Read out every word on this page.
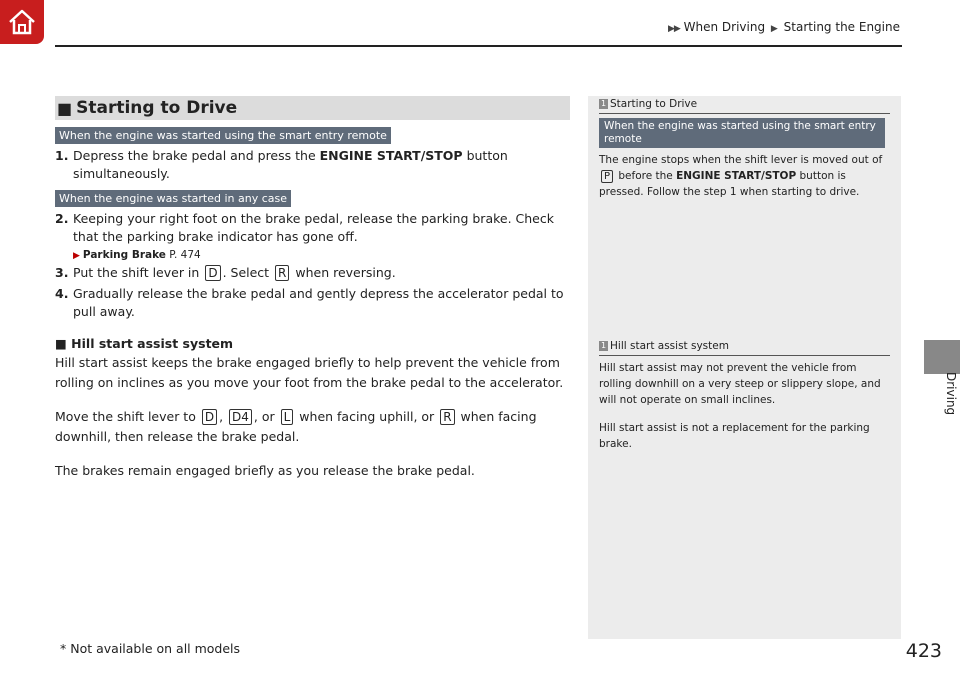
▶▶ When Driving ▶ Starting the Engine
Driving
■ Starting to Drive
When the engine was started using the smart entry remote
1. Depress the brake pedal and press the ENGINE START/STOP button simultaneously.
When the engine was started in any case
2. Keeping your right foot on the brake pedal, release the parking brake. Check that the parking brake indicator has gone off.
▶ Parking Brake P. 474
3. Put the shift lever in D . Select R when reversing.
4. Gradually release the brake pedal and gently depress the accelerator pedal to pull away.
■ Hill start assist system
Hill start assist keeps the brake engaged briefly to help prevent the vehicle from rolling on inclines as you move your foot from the brake pedal to the accelerator.
Move the shift lever to D , D4 , or L when facing uphill, or R when facing downhill, then release the brake pedal.
The brakes remain engaged briefly as you release the brake pedal.
1 Starting to Drive
When the engine was started using the smart entry remote
The engine stops when the shift lever is moved out of P before the ENGINE START/STOP button is pressed. Follow the step 1 when starting to drive.
1 Hill start assist system
Hill start assist may not prevent the vehicle from rolling downhill on a very steep or slippery slope, and will not operate on small inclines.
Hill start assist is not a replacement for the parking brake.
* Not available on all models	423
